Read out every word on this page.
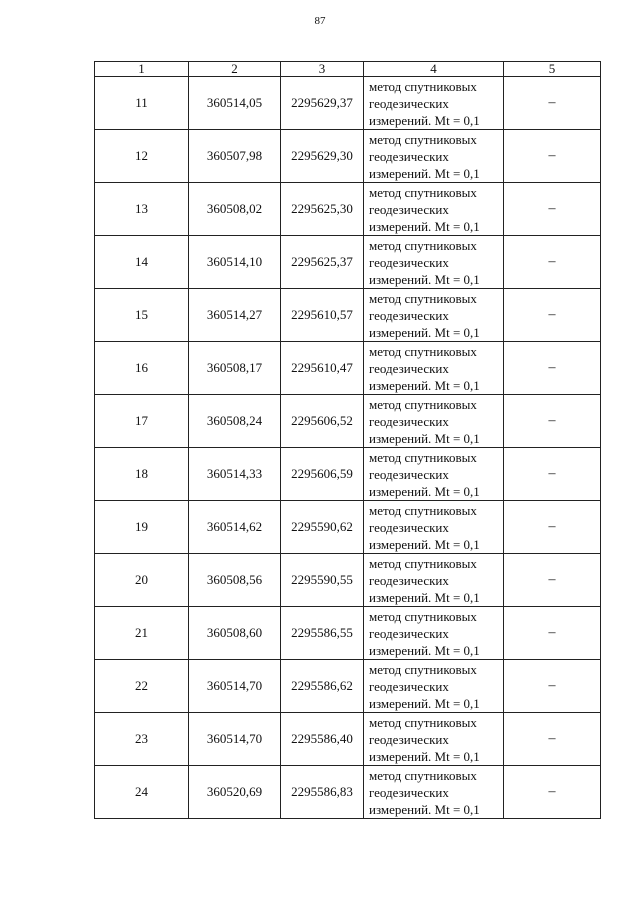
87
1	2	3	4	5
11	360514,05	2295629,37	метод спутниковых геодезических измерений. Mt = 0,1	–
12	360507,98	2295629,30	метод спутниковых геодезических измерений. Mt = 0,1	–
13	360508,02	2295625,30	метод спутниковых геодезических измерений. Mt = 0,1	–
14	360514,10	2295625,37	метод спутниковых геодезических измерений. Mt = 0,1	–
15	360514,27	2295610,57	метод спутниковых геодезических измерений. Mt = 0,1	–
16	360508,17	2295610,47	метод спутниковых геодезических измерений. Mt = 0,1	–
17	360508,24	2295606,52	метод спутниковых геодезических измерений. Mt = 0,1	–
18	360514,33	2295606,59	метод спутниковых геодезических измерений. Mt = 0,1	–
19	360514,62	2295590,62	метод спутниковых геодезических измерений. Mt = 0,1	–
20	360508,56	2295590,55	метод спутниковых геодезических измерений. Mt = 0,1	–
21	360508,60	2295586,55	метод спутниковых геодезических измерений. Mt = 0,1	–
22	360514,70	2295586,62	метод спутниковых геодезических измерений. Mt = 0,1	–
23	360514,70	2295586,40	метод спутниковых геодезических измерений. Mt = 0,1	–
24	360520,69	2295586,83	метод спутниковых геодезических измерений. Mt = 0,1	–
